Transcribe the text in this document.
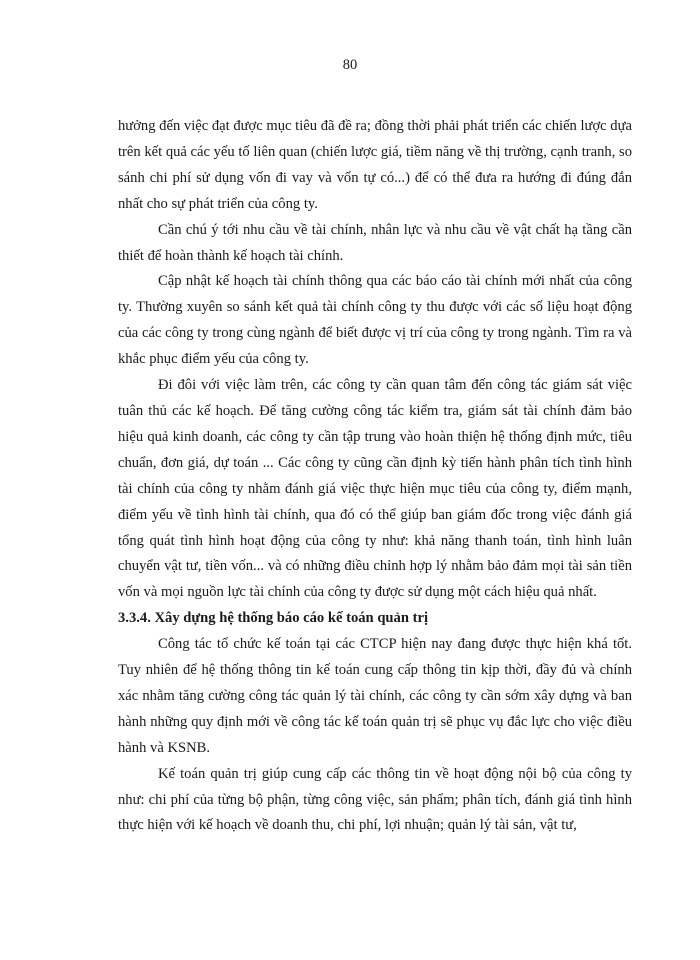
80

hưởng đến việc đạt được mục tiêu đã đề ra; đồng thời phải phát triển các chiến lược dựa trên kết quả các yếu tố liên quan (chiến lược giá, tiềm năng về thị trường, cạnh tranh, so sánh chi phí sử dụng vốn đi vay và vốn tự có...) để có thể đưa ra hướng đi đúng đắn nhất cho sự phát triển của công ty.

Cần chú ý tới nhu cầu về tài chính, nhân lực và nhu cầu về vật chất hạ tầng cần thiết để hoàn thành kế hoạch tài chính.

Cập nhật kế hoạch tài chính thông qua các báo cáo tài chính mới nhất của công ty. Thường xuyên so sánh kết quả tài chính công ty thu được với các số liệu hoạt động của các công ty trong cùng ngành để biết được vị trí của công ty trong ngành. Tìm ra và khắc phục điểm yếu của công ty.

Đi đôi với việc làm trên, các công ty cần quan tâm đến công tác giám sát việc tuân thủ các kế hoạch. Để tăng cường công tác kiểm tra, giám sát tài chính đảm bảo hiệu quả kinh doanh, các công ty cần tập trung vào hoàn thiện hệ thống định mức, tiêu chuẩn, đơn giá, dự toán ... Các công ty cũng cần định kỳ tiến hành phân tích tình hình tài chính của công ty nhằm đánh giá việc thực hiện mục tiêu của công ty, điểm mạnh, điểm yếu về tình hình tài chính, qua đó có thể giúp ban giám đốc trong việc đánh giá tổng quát tình hình hoạt động của công ty như: khả năng thanh toán, tình hình luân chuyển vật tư, tiền vốn... và có những điều chỉnh hợp lý nhằm bảo đảm mọi tài sản tiền vốn và mọi nguồn lực tài chính của công ty được sử dụng một cách hiệu quả nhất.

3.3.4. Xây dựng hệ thống báo cáo kế toán quản trị

Công tác tổ chức kế toán tại các CTCP hiện nay đang được thực hiện khá tốt. Tuy nhiên để hệ thống thông tin kế toán cung cấp thông tin kịp thời, đầy đủ và chính xác nhằm tăng cường công tác quản lý tài chính, các công ty cần sớm xây dựng và ban hành những quy định mới về công tác kế toán quản trị sẽ phục vụ đắc lực cho việc điều hành và KSNB.

Kế toán quản trị giúp cung cấp các thông tin về hoạt động nội bộ của công ty như: chi phí của từng bộ phận, từng công việc, sản phẩm; phân tích, đánh giá tình hình thực hiện với kế hoạch về doanh thu, chi phí, lợi nhuận; quản lý tài sản, vật tư,
